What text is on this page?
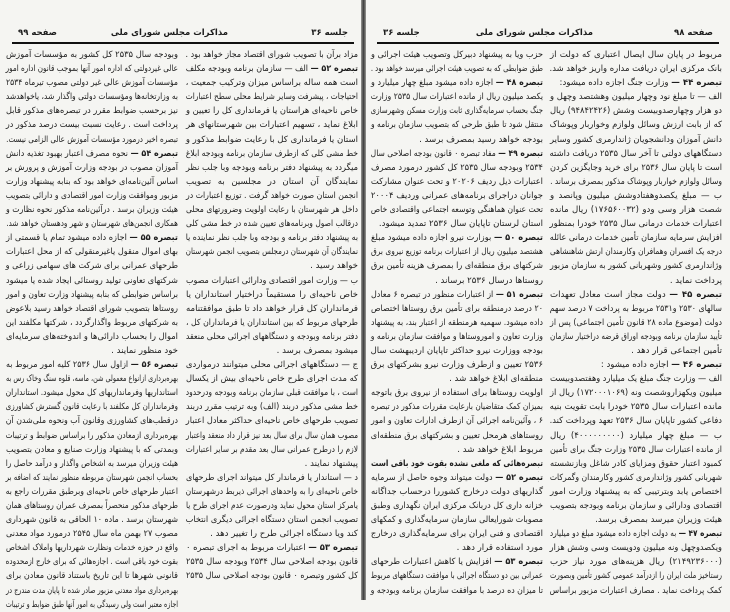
جلسه ۳۶
مذاکرات مجلس شورای ملی
صفحه ۹۹
مزاد برآن با تصویب شورای اقتصاد مجاز خواهد بود .
تبصره ۵۲ — الف — سازمان برنامه وبودجه مکلف
است همه ساله براساس میزان وترکیب جمعیت ،
احتیاجات ، پیشرفت وسایر شرایط محلی سطح اعتبارات
خاص ناحیه‌ای هراستان یا فرمانداری کل را تعیین و
ابلاغ نماید ، تسهیم اعتبارات بین شهرستانهای هر
استان یا فرمانداری کل با رعایت ضوابط مذکور و
خط مشی کلی که ازطرف سازمان برنامه وبودجه ابلاغ
میگردد به پیشنهاد دفتر برنامه وبودجه وبا جلب نظر
نمایندگان آن استان در مجلسین به تصویب
انجمن استان صورت خواهد گرفت . توزیع اعتبارات در
داخل هر شهرستان با رعایت اولویت وضرورتهای محلی
درقالب اصول وبرنامه‌های تعیین شده در خط مشی کلی
به پیشنهاد دفتر برنامه و بودجه وبا جلب نظر نماینده یا
نمایندگان آن شهرستان درمجلس بتصویب انجمن شهرستان
خواهد رسید .
ب — وزارت امور اقتصادی ودارائی اعتبارات مصوب
خاص ناحیه‌ای را مستقیماً دراختیار استانداران یا
فرمانداران کل قرار خواهد داد تا طبق موافقتنامه
طرحهای مربوط که بین استانداران یا فرمانداران کل ،
دفتر برنامه وبودجه و دستگاههای اجرائی محلی منعقد
میشود بمصرف برسد .
ج — دستگاههای اجرائی محلی میتوانند درمواردی
که مدت اجرای طرح خاص ناحیه‌ای بیش از یکسال
است ، با موافقت قبلی سازمان برنامه وبودجه ودرحدود
خط مشی مذکور دربند (الف) وبه ترتیب مقرر دربند
تصویب طرحهای خاص ناحیه‌ای حداکثر معادل اعتبار
مصوب همان سال برای سال بعد نیز قرار داد منعقد واعتبار
لازم را درطرح عمرانی سال بعد مقدم بر سایر اعتبارات
پیشنهاد نمایند .
د — استاندار یا فرماندار کل میتواند اجرای طرحهای
خاص ناحیه‌ای را به واحدهای اجرائی ذیربط درشهرستان
یامرکز استان محول نماید ودرصورت عدم اجرای طرح یا
تصویب انجمن استان دستگاه اجرائی دیگری انتخاب
کند ویا دستگاه اجرائی طرح را تغییر دهد .
تبصره ۵۳ — اعتبارات مربوط به اجرای تبصره ۰
قانون بودجه اصلاحی سال ۲۵۳۴ وبودجه سال ۲۵۳۵
کل کشور وتبصره ۰ قانون بودجه اصلاحی سال ۲۵۳۵
وبودجه سال ۲۵۳۵ کل کشور به مؤسسات آموزش
عالی غیردولتی که اداره امور آنها بموجب قانون اداره امور
مؤسسات آموزش عالی غیر دولتی مصوب تیرماه ۲۵۳۴
به وزارتخانه‌ها ومؤسسات دولتی واگذار شد، یاخواهدشد
نیز برحسب ضوابط مقرر در تبصره‌های مذکور قابل
پرداخت است . رعایت نسبت بیست درصد مذکور در
تبصره اخیر درمورد مؤسسات آموزش عالی الزامی نیست.
تبصره ۵۴ — نحوه مصرف اعتبار بهبود تغذیه دانش
آموزان مصوب در بودجه وزارت آموزش و پرورش بر
اساس آئین‌نامه‌ای خواهد بود که بنابه پیشنهاد وزارت
مزبور وموافقت وزارت امور اقتصادی و دارائی بتصویب
هیئت وزیران برسد . درآئین‌نامه مذکور نحوه نظارت و
همکاری انجمن‌های شهرستان و شهر ودهستان خواهد شد.
تبصره ۵۵ — اجازه داده میشود تمام یا قسمتی از
بهای اموال منقول یاغیرمنقولی که از محل اعتبارات
طرحهای عمرانی برای شرکت های سهامی زراعی و
شرکتهای تعاونی تولید روستائی ایجاد شده یا میشود
براساس ضوابطی که بنابه پیشنهاد وزارت تعاون و امور
روستاها بتصویب شورای اقتصاد خواهد رسید بلاعوض
به شرکتهای مربوط واگذارگردد ، شرکتها مکلفند این
اموال را بحساب دارائی‌ها و اندوخته‌های سرمایه‌ای
خود منظور نمایند .
تبصره ۵۶ — ازاول سال ۲۵۳۶ کلیه امور مربوط به
بهره‌برداری ازانواع معمولی شن، ماسه، قلوه سنگ وخاک رس به
استانداریها وفرمانداریهای کل محول میشود. استانداران
وفرمانداران کل مکلفند با رعایت قانون گسترش کشاورزی
درقطب‌های کشاورزی وقانون آب ونحوه ملی‌شدن آن
بهره‌برداری ازمعادن مذکور را براساس ضوابط و ترتیبات
وبمدتی که با پیشنهاد وزارت صنایع و معادن بتصویب
هیئت وزیران میرسد به اشخاص واگذار و درآمد حاصل را
بحساب انجمن شهرستان مربوطه منظور نمایند که اضافه بر
اعتبار طرحهای خاص ناحیه‌ای وبرطبق مقررات راجع به
طرحهای مذکور منحصراً بمصرف عمران روستاهای همان
شهرستان برسد . ماده ۱۰ الحاقی به قانون شهرداری
مصوب ۲۷ بهمن ماه سال ۲۵۴۵ درمورد مواد معدنی
واقع در حوزه خدمات ونظارت شهرداریها واملاک اشخاص
بقوت خود باقی است . اجازه‌هائی که برای خارج ازمحدوده
قانونی شهرها تا این تاریخ باستناد قانون معادن برای
بهره‌برداری مواد معدنی مزبور صادر شده تا پایان مدت مندرج در
اجازه معتبر است ولی رسیدگی به امور آنها طبق ضوابط و ترتیبات
صفحه ۹۸
مذاکرات مجلس شورای ملی
جلسه ۳۶
مربوط در پایان سال ایصال اعتباری که دولت از
بانک مرکزی ایران دریافت مداره واریز خواهد شد.
تبصره ۴۴ — وزارت جنگ اجازه داده میشود:
الف — تا مبلغ نود وچهار میلیون وهشتصد وچهل و
دو هزار وچهارصدوبیست وشش (۹۴۸۴۲۴۲۶) ریال
که از بابت ارزش وسائل ولوازم وخواربار وپوشاک
دانش آموزان ودانشجویان ژاندارمری کشور وسایر
دستگاههای دولتی تا آخر سال ۲۵۳۵ دریافت داشته
است تا پایان سال ۲۵۳۶ برای خرید وجایگزین کردن
وسائل ولوازم خواربار وپوشاک مذکور بمصرف برساند .
ب — مبلغ یکصدوهفتادوشش میلیون وپانصد و
شصت هزار وسی ودو (۱۷۶۵۶۰۰۳۲) ریال مانده
اعتبارات خدمات درمانی سال ۲۵۳۵ خودرا بمنظور
افزایش سرمایه سازمان تأمین خدمات درمانی عائله
درجه یک افسران وهمافران وکارمندان ارتش شاهنشاهی
وژاندارمری کشور وشهربانی کشور به سازمان مزبور
پرداخت نماید .
تبصره ۴۵ — دولت مجاز است معادل تعهدات
سالهای ۲۵۳۰ و۲۵۳۱ مربوط به پرداخت ۷ درصد سهم
دولت (موضوع ماده ۲۸ قانون تأمین اجتماعی) پس از
تأیید سازمان برنامه وبودجه اوراق قرضه دراختیار سازمان
تأمین اجتماعی قرار دهد .
تبصره ۴۶ — اجازه داده میشود :
الف — وزارت جنگ مبلغ یک میلیارد وهفتصدوبیست
میلیون ویکهزاروشصت ونه (۱۷۲۰۰۰۱۰۶۹) ریال از
مانده اعتبارات سال ۲۵۳۵ خودرا بابت تقویت بنیه
دفاعی کشور تاپایان سال ۲۵۳۶ تعهد وپرداخت کند.
ب — مبلغ چهار میلیارد (۴۰۰۰۰۰۰۰۰۰) ریال
از مانده اعتبارات سال ۲۵۳۵ وزارت جنگ برای تأمین
کمبود اعتبار حقوق ومزایای کادر شاغل وبازنشسته
شهربانی کشور وژاندارمری کشور وکارمندان وگمرکات
اختصاص یابد وبترتیبی که به پیشنهاد وزارت امور
اقتصادی ودارائی و سازمان برنامه وبودجه بتصویب
هیئت وزیران میرسد بمصرف برسد.
تبصره ۴۷ — به دولت اجازه داده میشود مبلغ دو میلیارد
ویکصدوچهل ونه میلیون ودویست وسی وشش هزار
(۲۱۴۹۲۳۶۰۰۰) ریال هزینه‌های مورد نیاز حزب
رستاخیز ملت ایران را ازدرآمد عمومی کشور تأمین وبصورت
کمک پرداخت نماید . مصارف اعتبارات مزبور براساس
حزب ویا به پیشنهاد دبیرکل وتصویب هیئت اجرائی و
طبق ضوابطی که به تصویب هیئت اجرائی میرسد خواهد بود .
تبصره ۴۸ — اجازه داده میشود مبلغ چهار میلیارد و
یکصد میلیون ریال از مانده اعتبارات سال ۲۵۳۵ وزارت
جنگ بحساب سرمایه‌گذاری ثابت وزارت مسکن وشهرسازی
منتقل شود تا طبق طرحی که بتصویب سازمان برنامه و
بودجه خواهد رسید بمصرف برسد .
تبصره ۴۹ — مفاد تبصره ۰ قانون بودجه اصلاحی سال
۲۵۳۴ وبودجه سال ۲۵۳۵ کل کشور درمورد مصرف
اعتبارات ذیل ردیف ۲۰۲۰۶ و تحت عنوان مشارکت
جوانان دراجرای برنامه‌های عمرانی وردیف ۲۰۰۰۴
تحت عنوان هماهنگی وتوسعه اجتماعی واقتصادی خاص
استان لرستان تاپایان سال ۲۵۳۶ تمدید میشود.
تبصره ۵۰ — بوزارت نیرو اجازه داده میشود مبلغ
هشتصد میلیون ریال از اعتبارات برنامه توزیع نیروی برق
شرکتهای برق منطقه‌ای را بمصرف هزینه تأمین برق
روستاها درسال ۲۵۳۶ برساند .
تبصره ۵۱ — از اعتبارات منظور در تبصره ۶ معادل
۲۰ درصد درمنطقه برای تأمین برق روستاها اختصاص
داده میشود. سهمیه هرمنطقه از اعتبار بند، به پیشنهاد
وزارت تعاون و اموروستاها و موافقت سازمان برنامه و
بودجه ووزارت نیرو حداکثر تاپایان اردیبهشت سال
۲۵۳۶ تعیین و ازطرف وزارت نیرو بشرکتهای برق
منطقه‌ای ابلاغ خواهد شد .
اولویت روستاها برای استفاده از نیروی برق باتوجه
بمیزان کمک متقاضیان بارعایت مقررات مذکور در تبصره
۶ ، وآئین‌نامه اجرائی آن ازطرف ادارات تعاون و امور
روستاهای هرمحل تعیین و بشرکتهای برق منطقه‌ای
مربوط ابلاغ خواهد شد .
تبصره‌هائی که ملغی نشده بقوت خود باقی است
تبصره ۵۲ — دولت میتواند وجوه حاصل از سرمایه
گذاریهای دولت درخارج کشوررا درحساب جداگانه
خزانه داری کل دربانک مرکزی ایران نگهداری وطبق
مصوبات شورایعالی سازمان سرمایه‌گذاری و کمکهای
اقتصادی و فنی ایران برای سرمایه‌گذاری درخارج
مورد استفاده قرار دهد .
تبصره ۵۳ — افزایش یا کاهش اعتبارات طرحهای
عمرانی بین دو دستگاه اجرائی با موافقت دستگاههای مربوط
تا میزان ده درصد با موافقت سازمان برنامه وبودجه و
